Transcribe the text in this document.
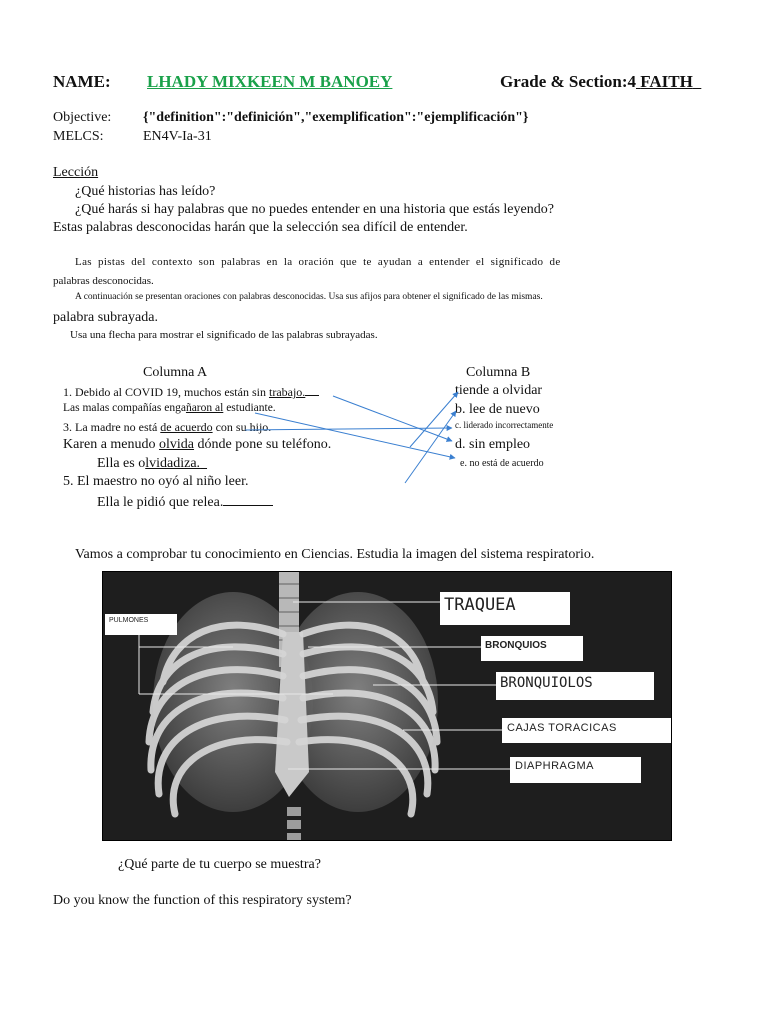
NAME: LHADY MIXKEEN M BANOEY	Grade & Section:4 FAITH
Objective: {"definition":"definición","exemplification":"ejemplificación"}
MELCS:	EN4V-Ia-31
Lección
¿Qué historias has leído?
¿Qué harás si hay palabras que no puedes entender en una historia que estás leyendo?
Estas palabras desconocidas harán que la selección sea difícil de entender.
Las pistas del contexto son palabras en la oración que te ayudan a entender el significado de
palabras desconocidas.
A continuación se presentan oraciones con palabras desconocidas. Usa sus afijos para obtener el significado de las mismas.
palabra subrayada.
Usa una flecha para mostrar el significado de las palabras subrayadas.
Columna A	Columna B
1. Debido al COVID 19, muchos están sin trabajo.
Las malas compañías engañaron al estudiante.
3. La madre no está de acuerdo con su hijo.
Karen a menudo olvida dónde pone su teléfono.
Ella es olvidadiza.
5. El maestro no oyó al niño leer.
Ella le pidió que relea.
tiende a olvidar
b. lee de nuevo
c. liderado incorrectamente
d. sin empleo
e. no está de acuerdo
Vamos a comprobar tu conocimiento en Ciencias. Estudia la imagen del sistema respiratorio.
PULMONES
TRAQUEA
BRONQUIOS
BRONQUIOLOS
CAJAS TORACICAS
DIAPHRAGMA
¿Qué parte de tu cuerpo se muestra?
Do you know the function of this respiratory system?
